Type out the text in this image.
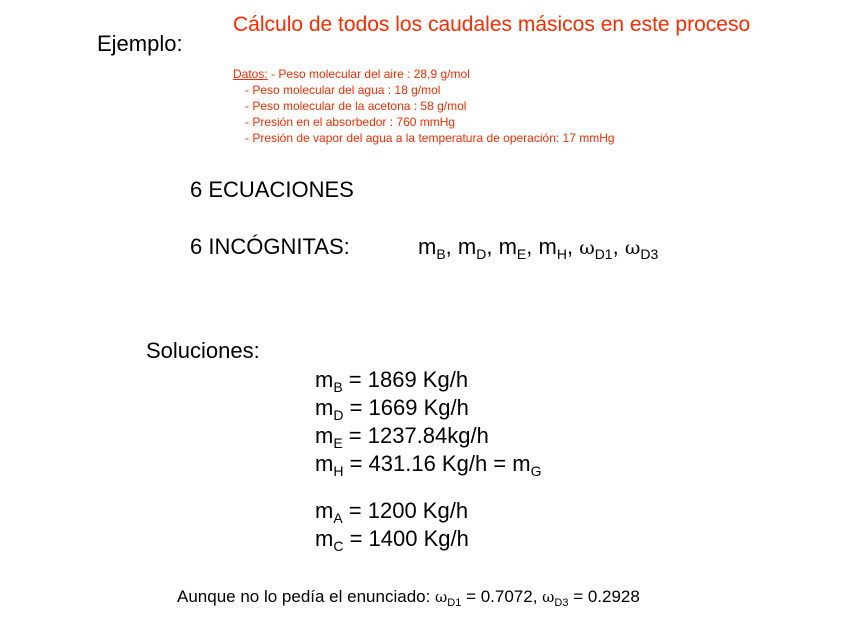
Ejemplo:
Cálculo de todos los caudales másicos en este proceso
Datos: - Peso molecular del aire : 28,9 g/mol
- Peso molecular del agua : 18 g/mol
- Peso molecular de la acetona : 58 g/mol
- Presión en el absorbedor : 760 mmHg
- Presión de vapor del agua a la temperatura de operación: 17 mmHg
6 ECUACIONES
6 INCÓGNITAS:	$m_B$, $m_D$, $m_E$, $m_H$, $\omega_{D1}$, $\omega_{D3}$
Soluciones:
$m_B = 1869$ Kg/h
$m_D = 1669$ Kg/h
$m_E = 1237.84kg/h$
$m_H = 431.16$ $Kg/h = m_G$
$m_A = 1200$ Kg/h
$m_C = 1400$ Kg/h
Aunque no lo pedía el enunciado: $\omega_{D1} = 0.7072$, $\omega_{D3} = 0.2928$
